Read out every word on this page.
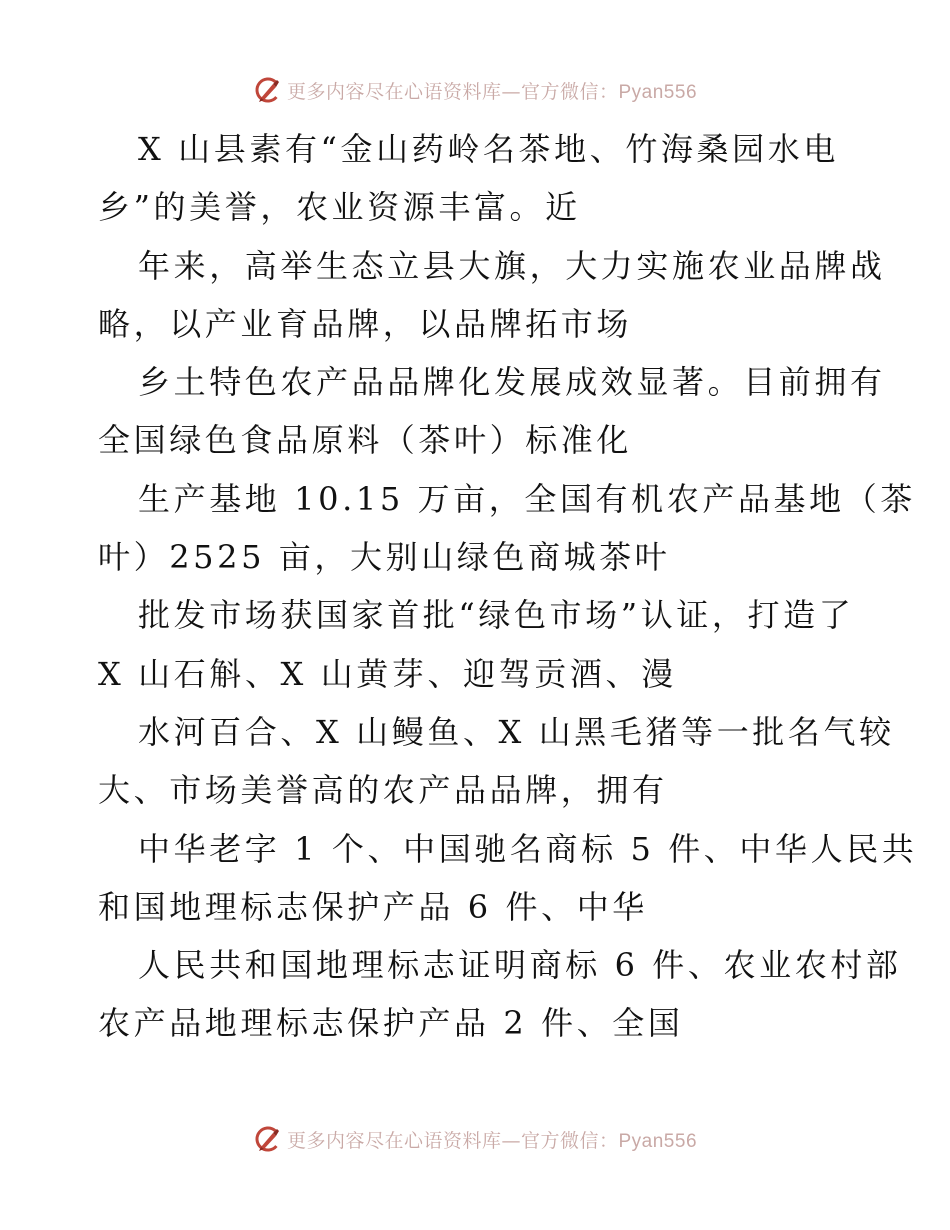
更多内容尽在心语资料库—官方微信：Pyan556
X 山县素有“金山药岭名茶地、竹海桑园水电
乡”的美誉，农业资源丰富。近
年来，高举生态立县大旗，大力实施农业品牌战
略，以产业育品牌，以品牌拓市场
乡土特色农产品品牌化发展成效显著。目前拥有
全国绿色食品原料（茶叶）标准化
生产基地 10.15 万亩，全国有机农产品基地（茶
叶）2525 亩，大别山绿色商城茶叶
批发市场获国家首批“绿色市场”认证，打造了
X 山石斛、X 山黄芽、迎驾贡酒、漫
水河百合、X 山鳗鱼、X 山黑毛猪等一批名气较
大、市场美誉高的农产品品牌，拥有
中华老字 1 个、中国驰名商标 5 件、中华人民共
和国地理标志保护产品 6 件、中华
人民共和国地理标志证明商标 6 件、农业农村部
农产品地理标志保护产品 2 件、全国
更多内容尽在心语资料库—官方微信：Pyan556
